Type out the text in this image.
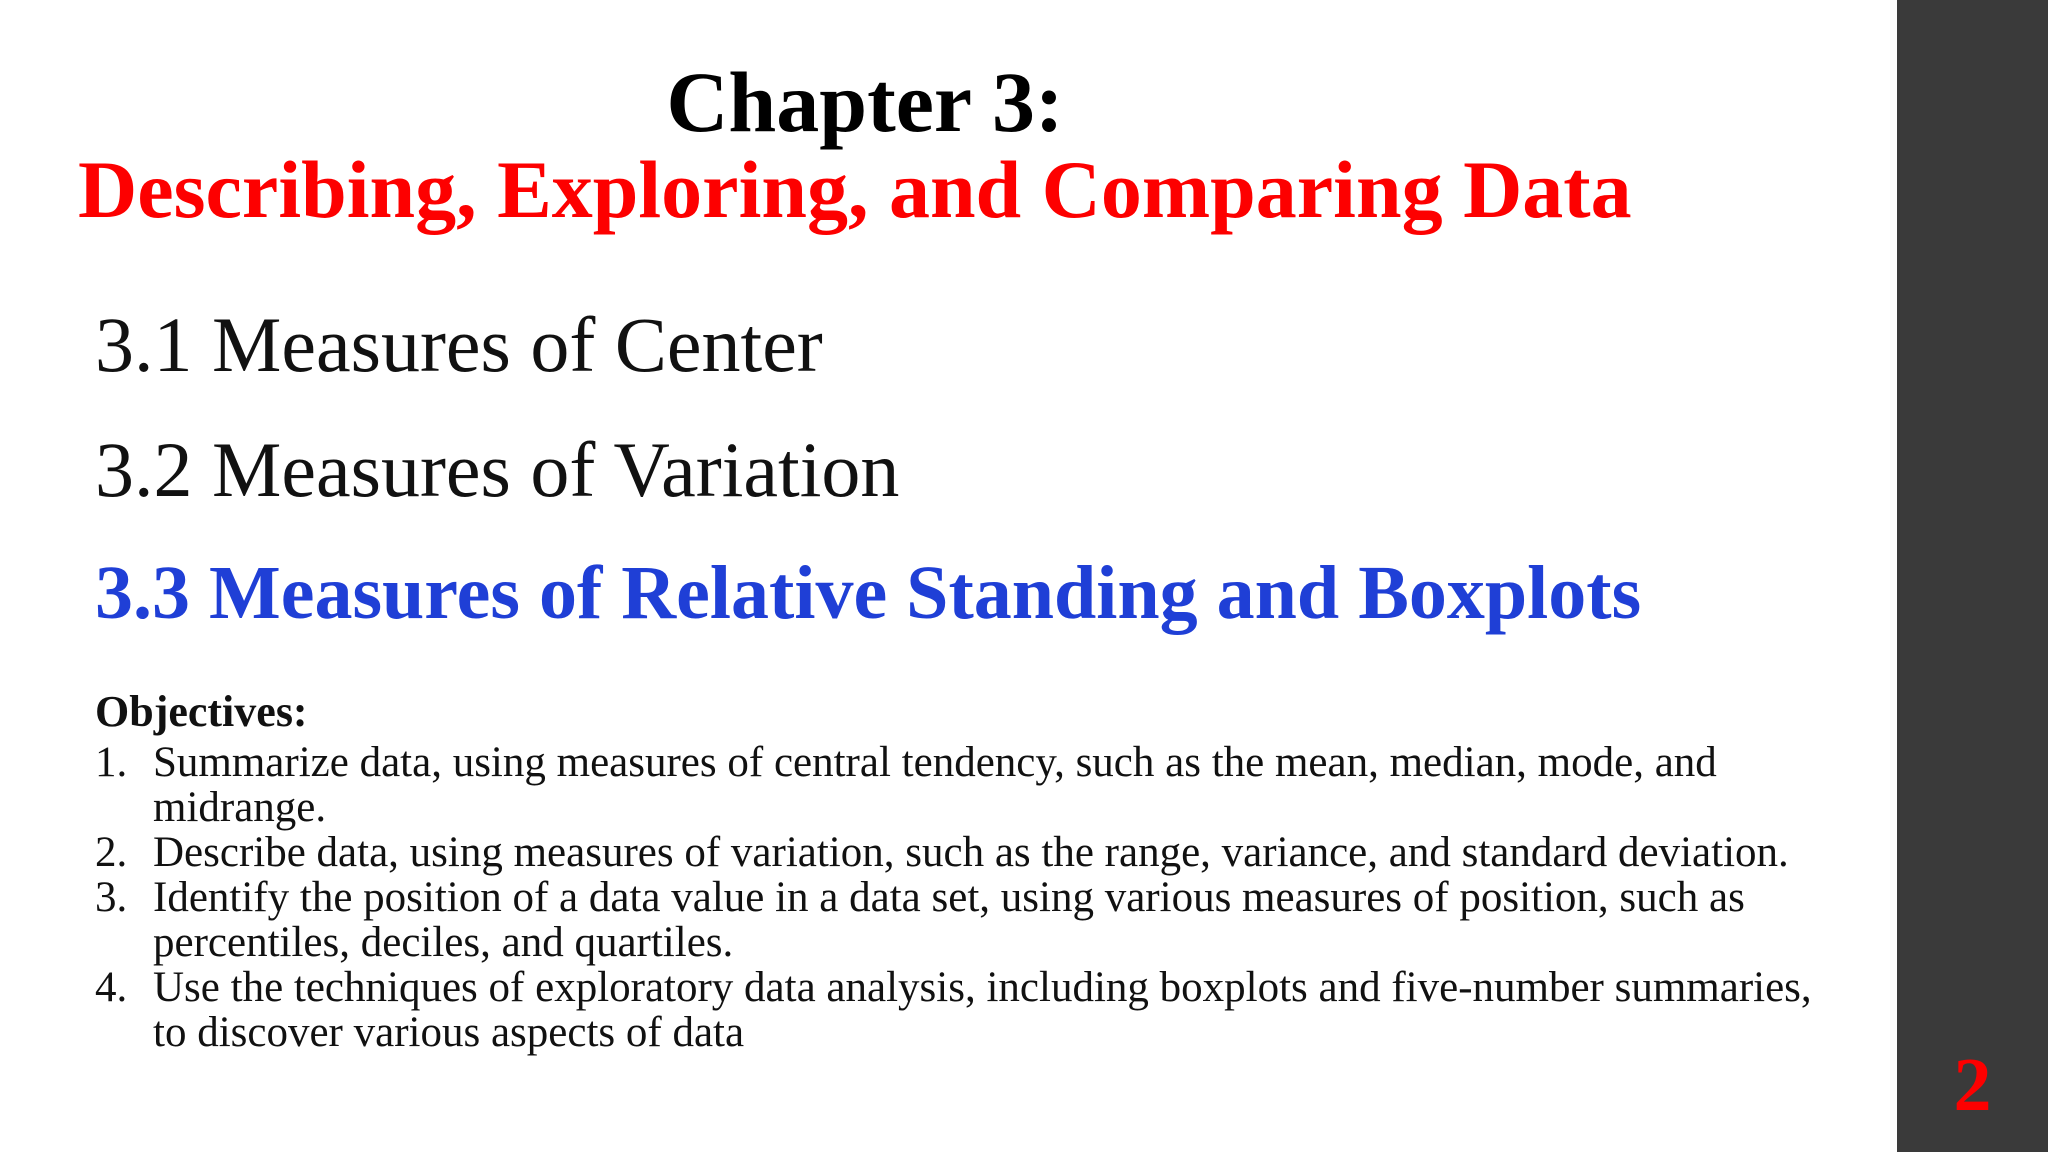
Chapter 3:
Describing, Exploring, and Comparing Data

3.1 Measures of Center

3.2 Measures of Variation

3.3 Measures of Relative Standing and Boxplots

Objectives:

1. Summarize data, using measures of central tendency, such as the mean, median, mode, and midrange.
2. Describe data, using measures of variation, such as the range, variance, and standard deviation.
3. Identify the position of a data value in a data set, using various measures of position, such as percentiles, deciles, and quartiles.
4. Use the techniques of exploratory data analysis, including boxplots and five-number summaries, to discover various aspects of data
2
